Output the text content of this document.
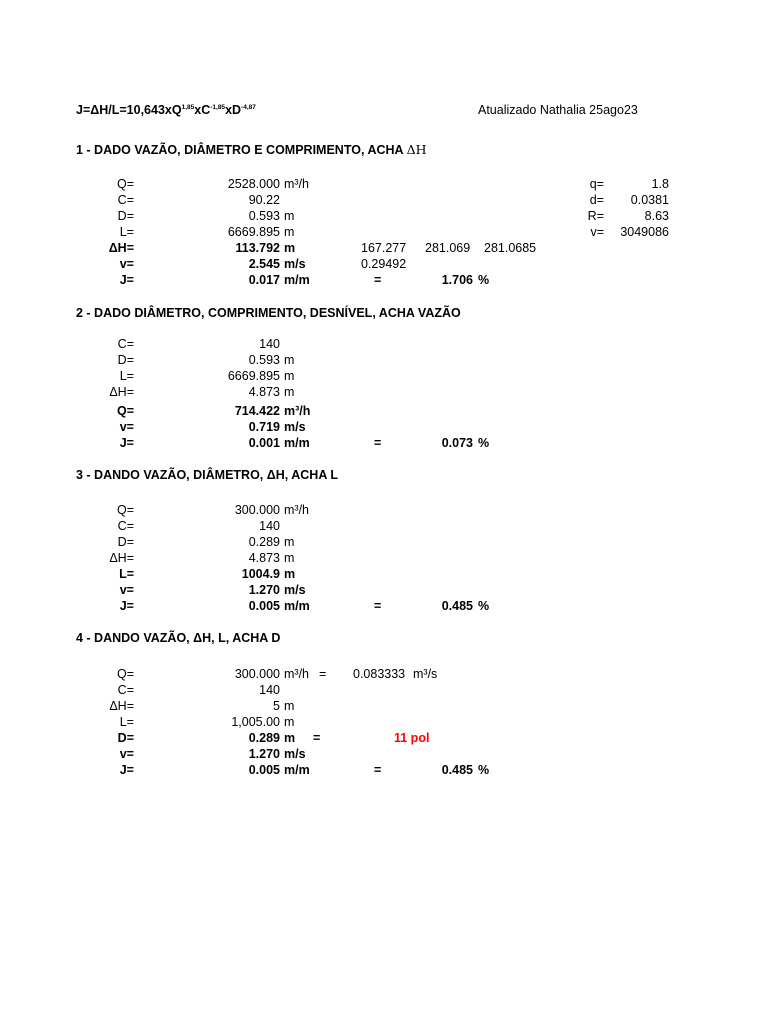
$J=\Delta H/L=10,643xQ^{1,85}xC^{-1,85}xD^{-4,87}$	Atualizado Nathalia 25ago23
1 - DADO VAZÃO, DIÂMETRO E COMPRIMENTO, ACHA ΔH
Q=	2528.000 m³/h
C=	90.22
D=	0.593 m
L=	6669.895 m
ΔH=	113.792 m	167.277 281.069 281.0685
v=	2.545 m/s	0.29492
J=	0.017 m/m	=	1.706 %
q=	1.8
d=	0.0381
R=	8.63
v=	3049086
2 - DADO DIÂMETRO, COMPRIMENTO, DESNÍVEL, ACHA VAZÃO
C=	140
D=	0.593 m
L=	6669.895 m
ΔH=	4.873 m
Q=	714.422 m³/h
v=	0.719 m/s
J=	0.001 m/m	=	0.073 %
3 - DANDO VAZÃO, DIÂMETRO, ΔH, ACHA L
Q=	300.000 m³/h
C=	140
D=	0.289 m
ΔH=	4.873 m
L=	1004.9 m
v=	1.270 m/s
J=	0.005 m/m	=	0.485 %
4 - DANDO VAZÃO, ΔH, L, ACHA D
Q=	300.000 m³/h = 0.083333 m³/s
C=	140
ΔH=	5 m
L=	1,005.00 m
D=	0.289 m =	11 pol
v=	1.270 m/s
J=	0.005 m/m	=	0.485 %
